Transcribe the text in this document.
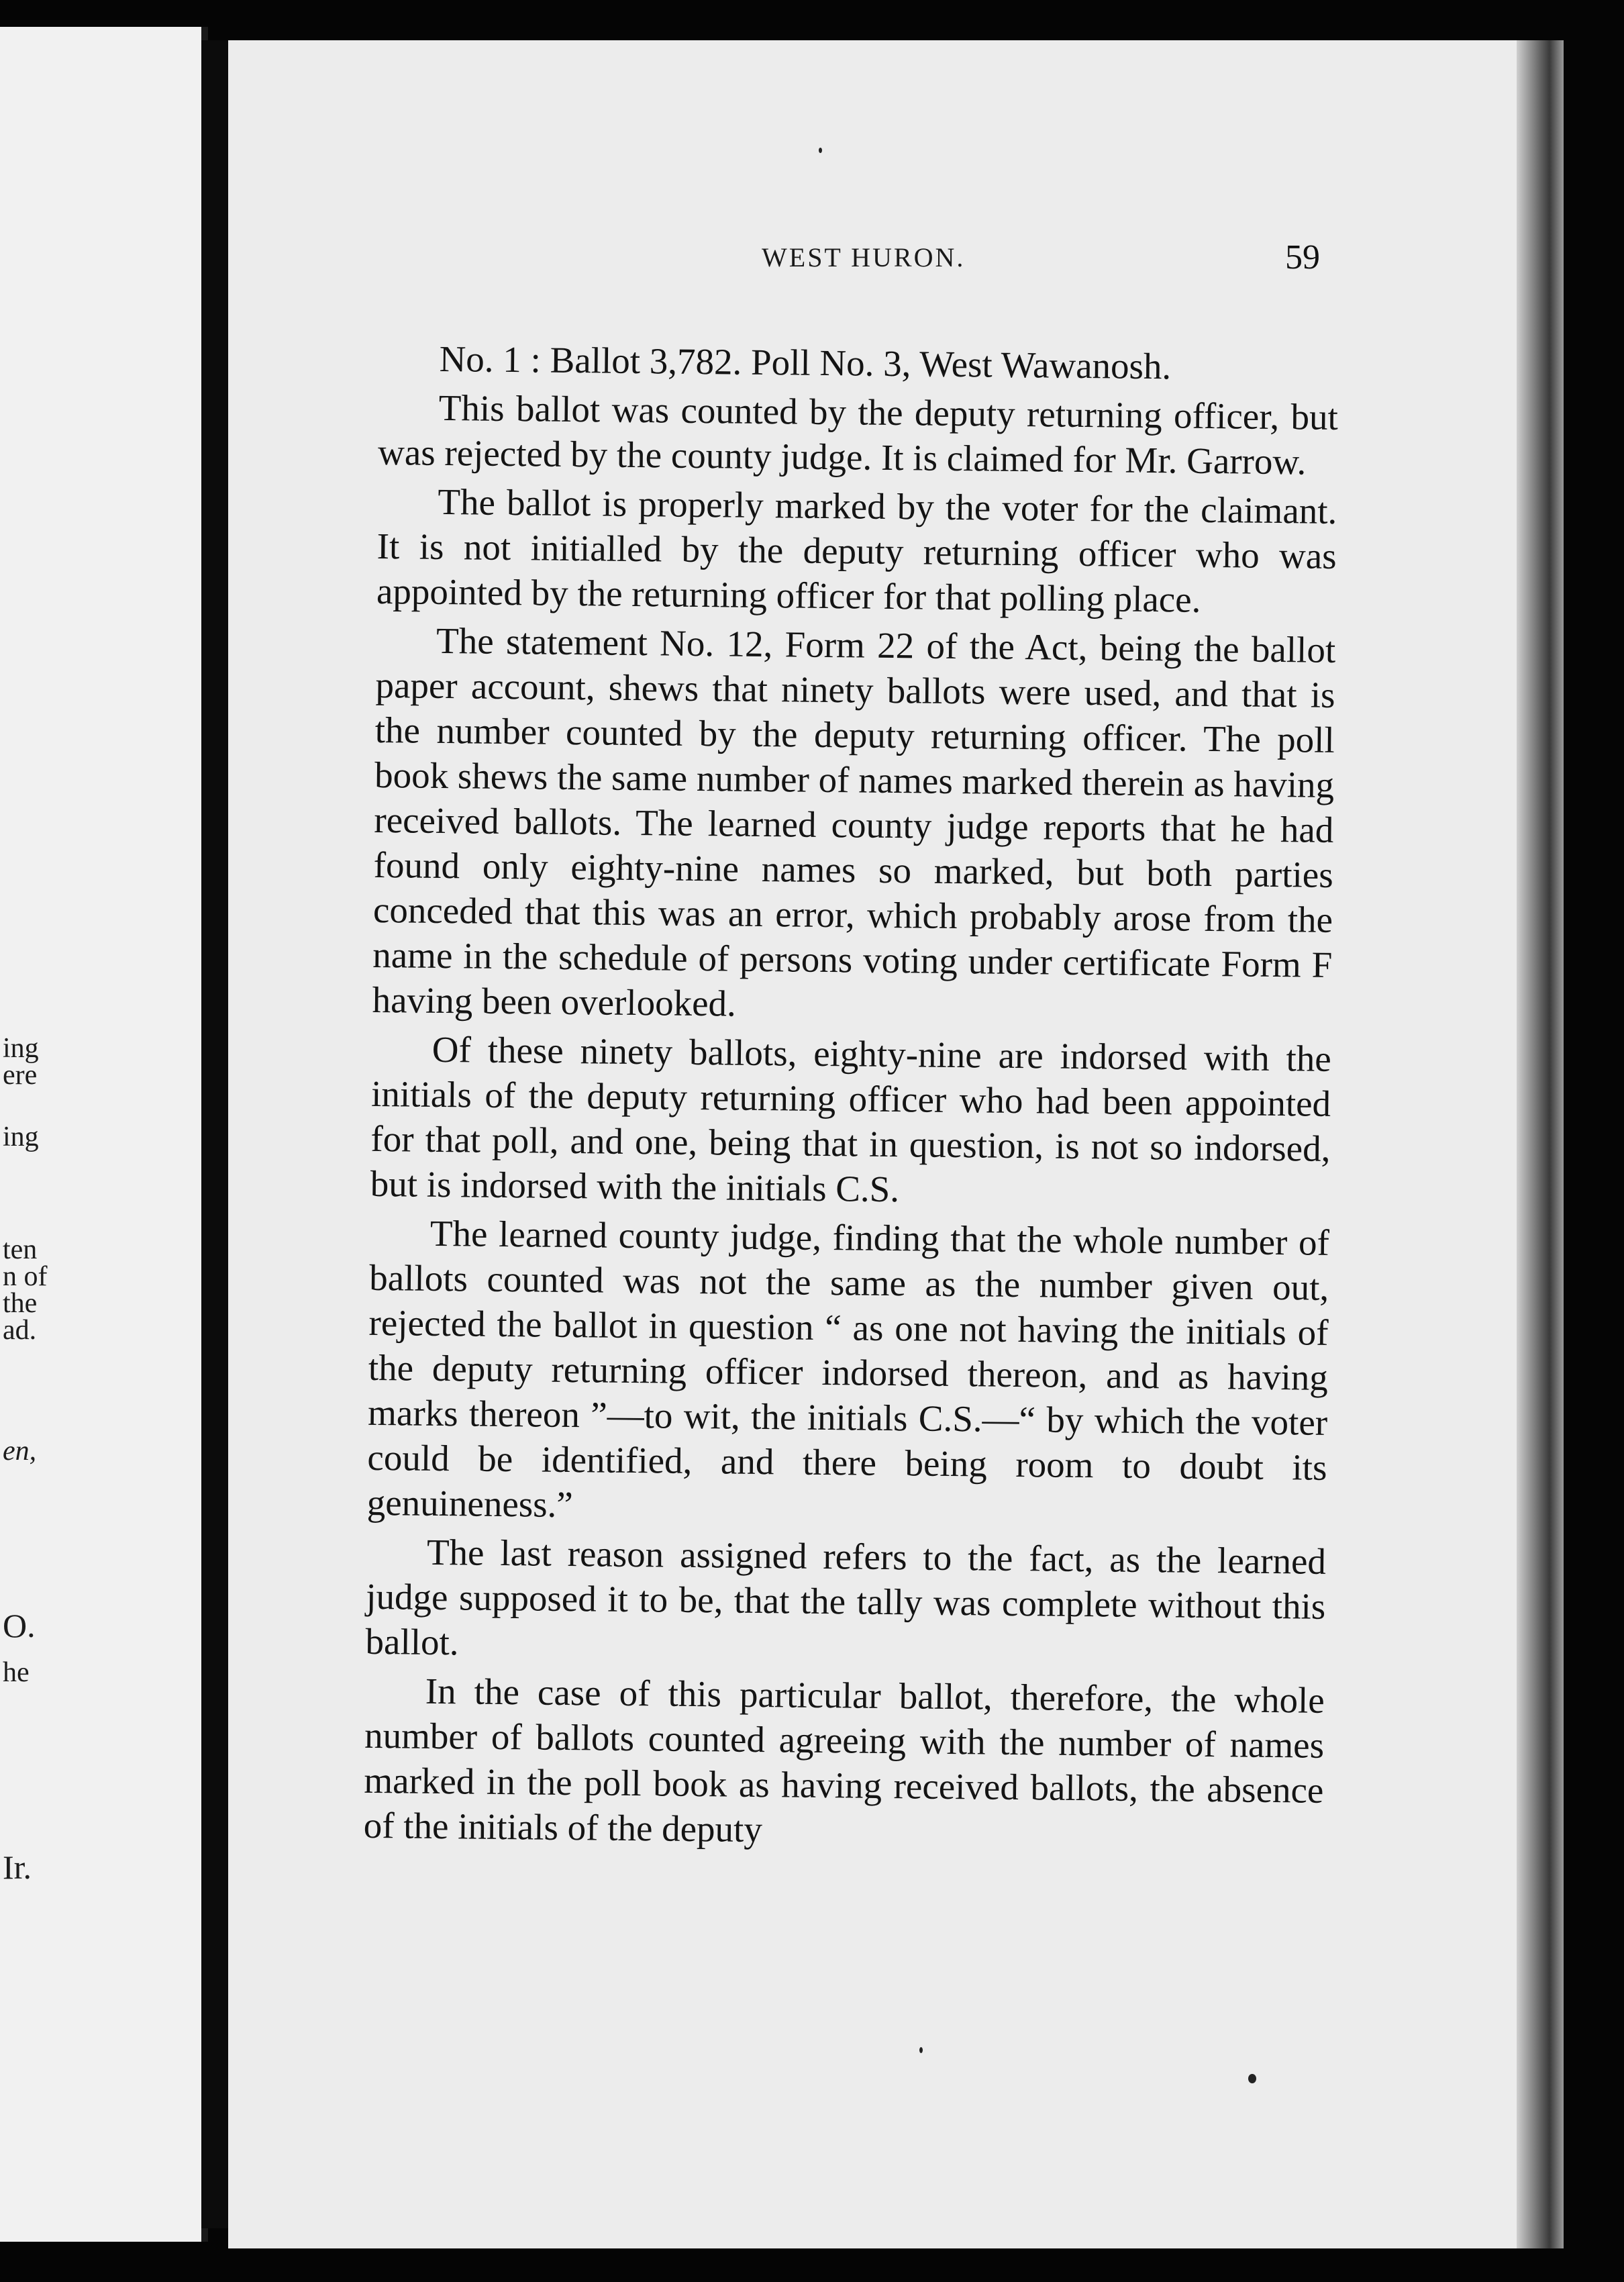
ing
ere
ing
ten
n of
the
ad.
en,
O.
he
Ir.
WEST HURON.	59

No. 1 : Ballot 3,782. Poll No. 3, West Wawanosh.

This ballot was counted by the deputy returning officer, but was rejected by the county judge. It is claimed for Mr. Garrow.

The ballot is properly marked by the voter for the claimant. It is not initialled by the deputy returning officer who was appointed by the returning officer for that polling place.

The statement No. 12, Form 22 of the Act, being the ballot paper account, shews that ninety ballots were used, and that is the number counted by the deputy returning officer. The poll book shews the same number of names marked therein as having received ballots. The learned county judge reports that he had found only eighty-nine names so marked, but both parties conceded that this was an error, which probably arose from the name in the schedule of persons voting under certificate Form F having been overlooked.

Of these ninety ballots, eighty-nine are indorsed with the initials of the deputy returning officer who had been appointed for that poll, and one, being that in question, is not so indorsed, but is indorsed with the initials C.S.

The learned county judge, finding that the whole number of ballots counted was not the same as the number given out, rejected the ballot in question “ as one not having the initials of the deputy returning officer indorsed thereon, and as having marks thereon ”—to wit, the initials C.S.—“ by which the voter could be identified, and there being room to doubt its genuineness.”

The last reason assigned refers to the fact, as the learned judge supposed it to be, that the tally was complete without this ballot.

In the case of this particular ballot, therefore, the whole number of ballots counted agreeing with the number of names marked in the poll book as having received ballots, the absence of the initials of the deputy
